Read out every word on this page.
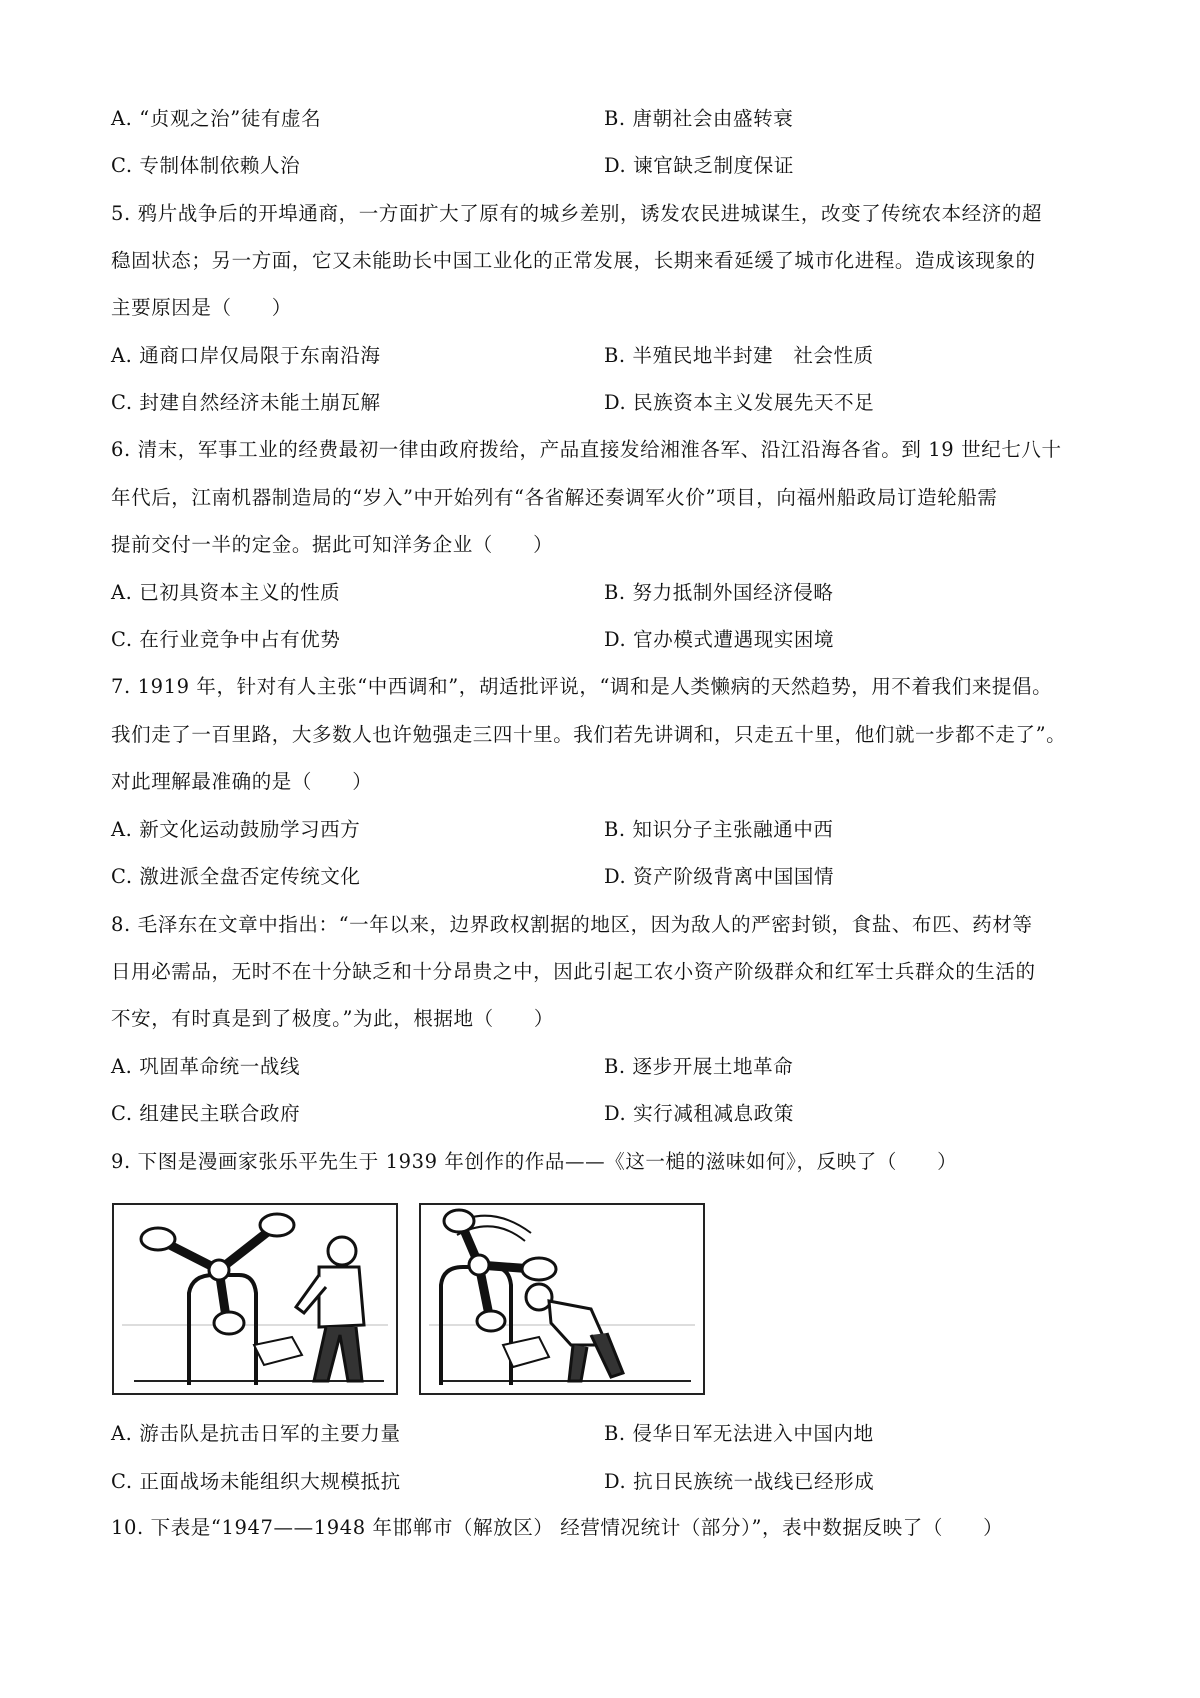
A. “贞观之治”徒有虚名	B. 唐朝社会由盛转衰
C. 专制体制依赖人治	D. 谏官缺乏制度保证
5. 鸦片战争后的开埠通商，一方面扩大了原有的城乡差别，诱发农民进城谋生，改变了传统农本经济的超
稳固状态；另一方面，它又未能助长中国工业化的正常发展，长期来看延缓了城市化进程。造成该现象的
主要原因是（　　）
A. 通商口岸仅局限于东南沿海	B. 半殖民地半封建　社会性质
C. 封建自然经济未能土崩瓦解	D. 民族资本主义发展先天不足
6. 清末，军事工业的经费最初一律由政府拨给，产品直接发给湘淮各军、沿江沿海各省。到 19 世纪七八十
年代后，江南机器制造局的“岁入”中开始列有“各省解还奏调军火价”项目，向福州船政局订造轮船需
提前交付一半的定金。据此可知洋务企业（　　）
A. 已初具资本主义的性质	B. 努力抵制外国经济侵略
C. 在行业竞争中占有优势	D. 官办模式遭遇现实困境
7. 1919 年，针对有人主张“中西调和”，胡适批评说，“调和是人类懒病的天然趋势，用不着我们来提倡。
我们走了一百里路，大多数人也许勉强走三四十里。我们若先讲调和，只走五十里，他们就一步都不走了”。
对此理解最准确的是（　　）
A. 新文化运动鼓励学习西方	B. 知识分子主张融通中西
C. 激进派全盘否定传统文化	D. 资产阶级背离中国国情
8. 毛泽东在文章中指出：“一年以来，边界政权割据的地区，因为敌人的严密封锁，食盐、布匹、药材等
日用必需品，无时不在十分缺乏和十分昂贵之中，因此引起工农小资产阶级群众和红军士兵群众的生活的
不安，有时真是到了极度。”为此，根据地（　　）
A. 巩固革命统一战线	B. 逐步开展土地革命
C. 组建民主联合政府	D. 实行减租减息政策
9. 下图是漫画家张乐平先生于 1939 年创作的作品——《这一槌的滋味如何》，反映了（　　）
A. 游击队是抗击日军的主要力量	B. 侵华日军无法进入中国内地
C. 正面战场未能组织大规模抵抗	D. 抗日民族统一战线已经形成
10. 下表是“1947——1948 年邯郸市（解放区） 经营情况统计（部分）”，表中数据反映了（　　）
